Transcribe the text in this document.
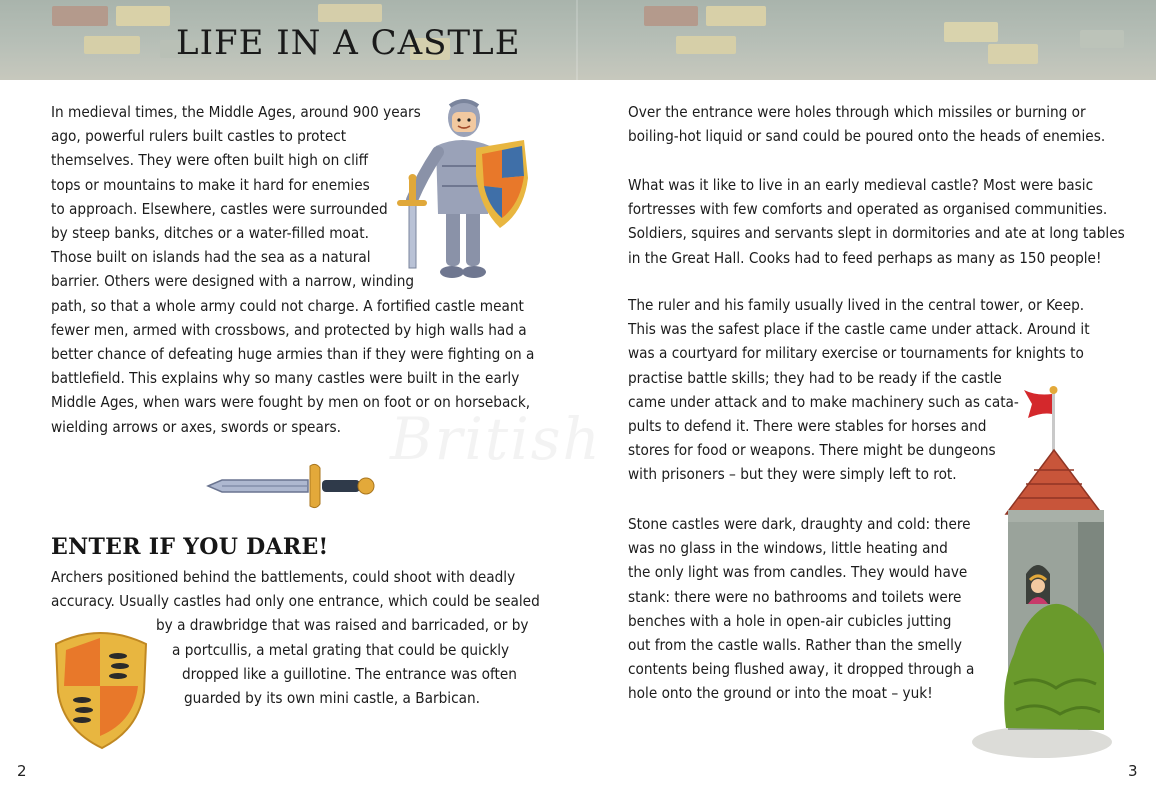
LIFE IN A CASTLE
British
In medieval times, the Middle Ages, around 900 years
ago, powerful rulers built castles to protect
themselves. They were often built high on cliff
tops or mountains to make it hard for enemies
to approach. Elsewhere, castles were surrounded
by steep banks, ditches or a water-filled moat.
Those built on islands had the sea as a natural
barrier. Others were designed with a narrow, winding
path, so that a whole army could not charge. A fortified castle meant
fewer men, armed with crossbows, and protected by high walls had a
better chance of defeating huge armies than if they were fighting on a
battlefield. This explains why so many castles were built in the early
Middle Ages, when wars were fought by men on foot or on horseback,
wielding arrows or axes, swords or spears.
ENTER IF YOU DARE!
Archers positioned behind the battlements, could shoot with deadly
accuracy. Usually castles had only one entrance, which could be sealed
by a drawbridge that was raised and barricaded, or by
a portcullis, a metal grating that could be quickly
dropped like a guillotine. The entrance was often
guarded by its own mini castle, a Barbican.
Over the entrance were holes through which missiles or burning or
boiling-hot liquid or sand could be poured onto the heads of enemies.
What was it like to live in an early medieval castle? Most were basic
fortresses with few comforts and operated as organised communities.
Soldiers, squires and servants slept in dormitories and ate at long tables
in the Great Hall. Cooks had to feed perhaps as many as 150 people!
The ruler and his family usually lived in the central tower, or Keep.
This was the safest place if the castle came under attack. Around it
was a courtyard for military exercise or tournaments for knights to
practise battle skills; they had to be ready if the castle
came under attack and to make machinery such as cata-
pults to defend it. There were stables for horses and
stores for food or weapons. There might be dungeons
with prisoners – but they were simply left to rot.
Stone castles were dark, draughty and cold: there
was no glass in the windows, little heating and
the only light was from candles. They would have
stank: there were no bathrooms and toilets were
benches with a hole in open-air cubicles jutting
out from the castle walls. Rather than the smelly
contents being flushed away, it dropped through a
hole onto the ground or into the moat – yuk!
2	3
